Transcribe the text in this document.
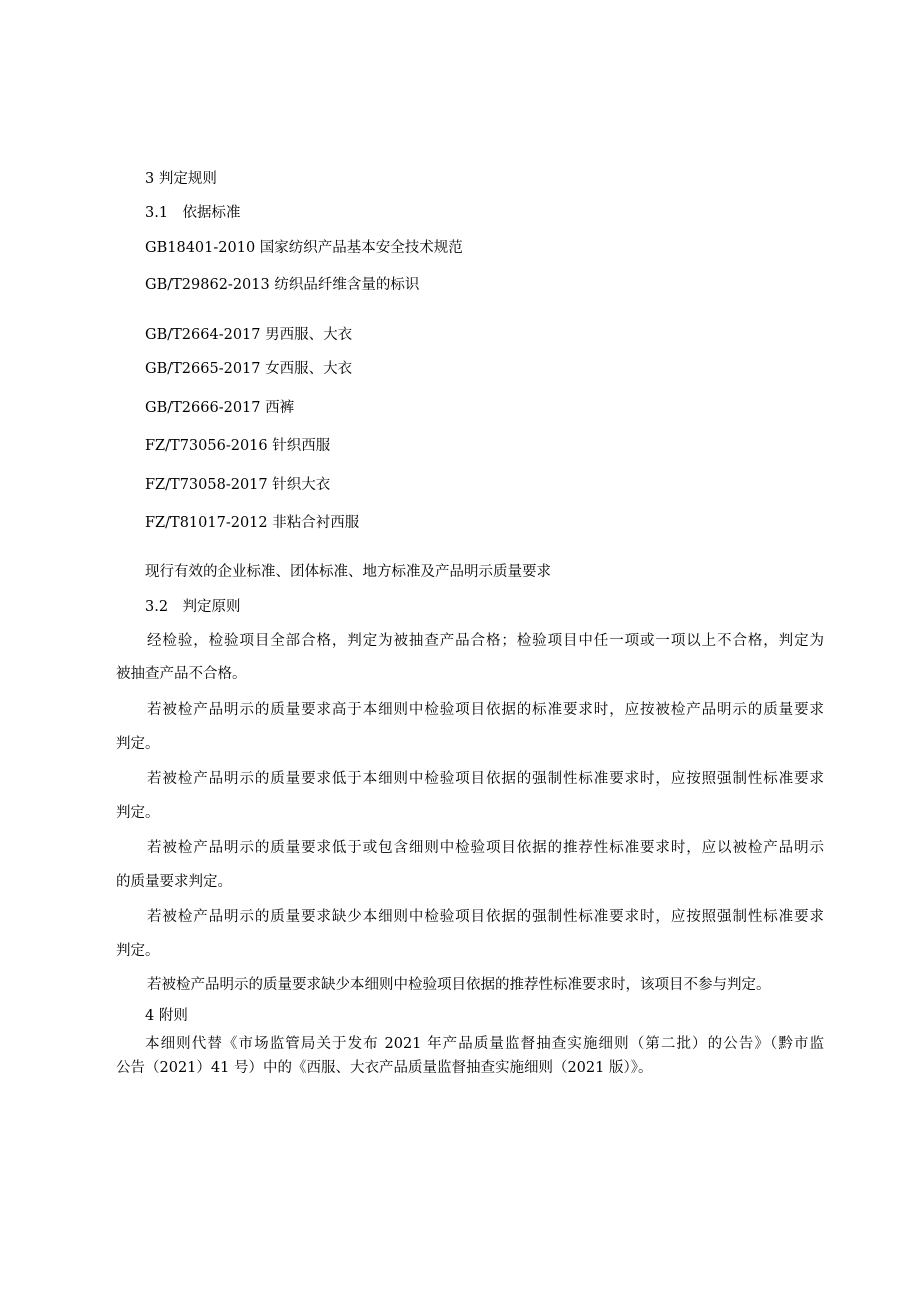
3 判定规则
3.1　依据标准
GB18401-2010 国家纺织产品基本安全技术规范
GB/T29862-2013 纺织品纤维含量的标识
GB/T2664-2017 男西服、大衣
GB/T2665-2017 女西服、大衣
GB/T2666-2017 西裤
FZ/T73056-2016 针织西服
FZ/T73058-2017 针织大衣
FZ/T81017-2012 非粘合衬西服
现行有效的企业标准、团体标准、地方标准及产品明示质量要求
3.2　判定原则
经检验，检验项目全部合格，判定为被抽查产品合格；检验项目中任一项或一项以上不合格，判定为
被抽查产品不合格。
若被检产品明示的质量要求高于本细则中检验项目依据的标准要求时，应按被检产品明示的质量要求
判定。
若被检产品明示的质量要求低于本细则中检验项目依据的强制性标准要求时，应按照强制性标准要求
判定。
若被检产品明示的质量要求低于或包含细则中检验项目依据的推荐性标准要求时，应以被检产品明示
的质量要求判定。
若被检产品明示的质量要求缺少本细则中检验项目依据的强制性标准要求时，应按照强制性标准要求
判定。
若被检产品明示的质量要求缺少本细则中检验项目依据的推荐性标准要求时，该项目不参与判定。
4 附则
本细则代替《市场监管局关于发布 2021 年产品质量监督抽查实施细则（第二批）的公告》（黔市监
公告（2021）41 号）中的《西服、大衣产品质量监督抽查实施细则（2021 版）》。
